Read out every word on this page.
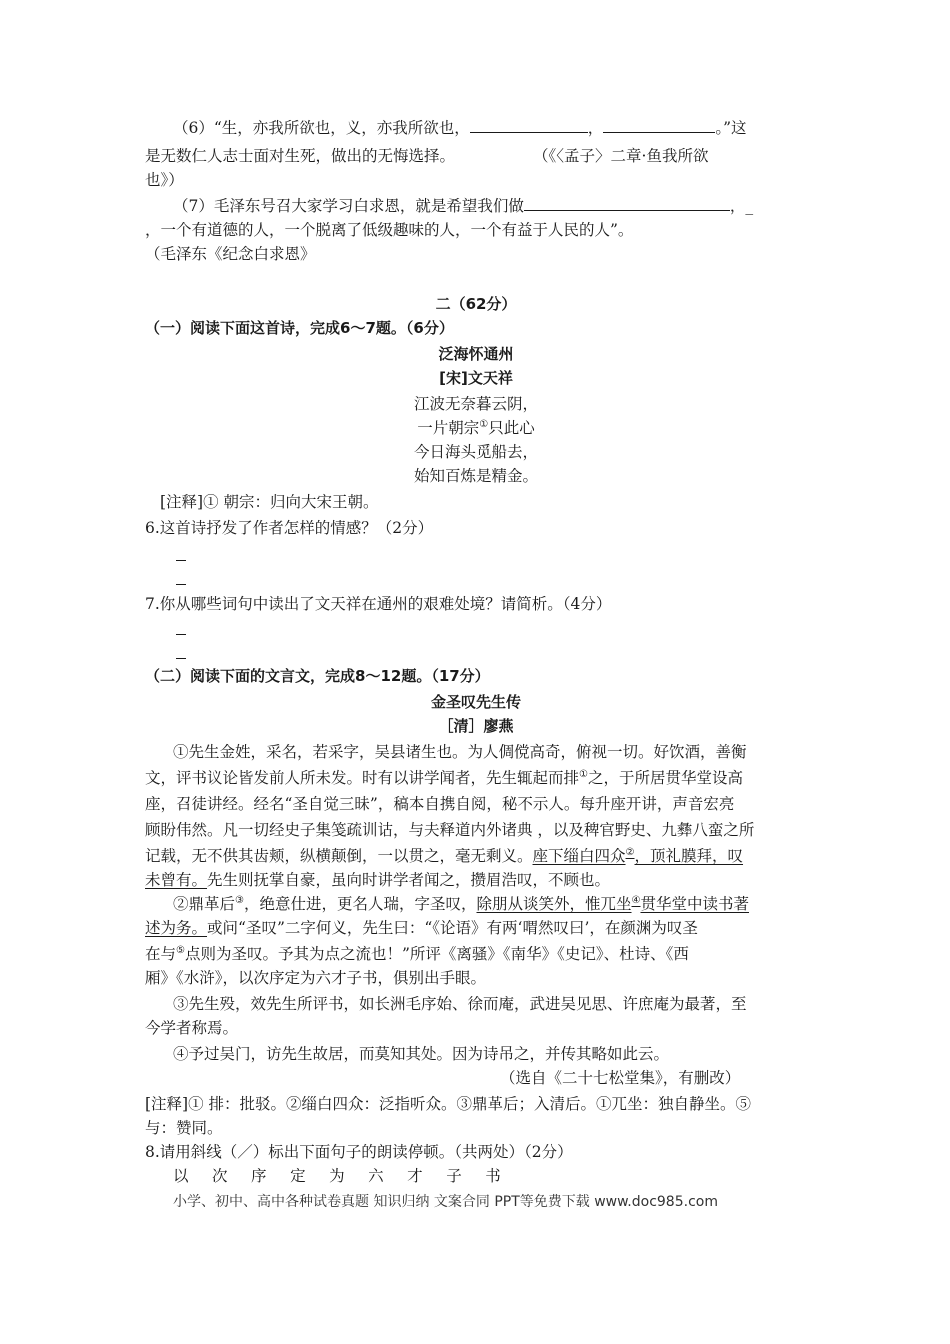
（6）“生，亦我所欲也，义，亦我所欲也，	，	。”这
是无数仁人志士面对生死，做出的无悔选择。	（《〈孟子〉二章·鱼我所欲
也》）
（7）毛泽东号召大家学习白求恩，就是希望我们做	，_
，一个有道德的人，一个脱离了低级趣味的人，一个有益于人民的人”。
（毛泽东《纪念白求恩》
二（62分）
（一）阅读下面这首诗，完成6～7题。（6分）
泛海怀通州
[宋]文天祥
江波无奈暮云阴，
一片朝宗①只此心
今日海头觅船去，
始知百炼是精金。
[注释]① 朝宗：归向大宋王朝。
6.这首诗抒发了作者怎样的情感？（2分）
7.你从哪些词句中读出了文天祥在通州的艰难处境？请简析。（4分）
（二）阅读下面的文言文，完成8～12题。（17分）
金圣叹先生传
［清］廖燕
①先生金姓，采名，若采字，吴县诸生也。为人倜傥高奇，俯视一切。好饮酒，善衡
文，评书议论皆发前人所未发。时有以讲学闻者，先生辄起而排①之，于所居贯华堂设高
座，召徒讲经。经名“圣自觉三昧”，稿本自携自阅，秘不示人。每升座开讲，声音宏亮
顾盼伟然。凡一切经史子集笺疏训诂，与夫释道内外诸典 ，以及稗官野史、九彝八蛮之所
记载，无不供其齿颊，纵横颠倒，一以贯之，毫无剩义。座下缁白四众②，顶礼膜拜，叹
未曾有。先生则抚掌自豪，虽向时讲学者闻之，攒眉浩叹，不顾也。
②鼎革后③，绝意仕进，更名人瑞，字圣叹，除朋从谈笑外，惟兀坐④贯华堂中读书著
述为务。或问“圣叹”二字何义，先生曰：“《论语》有两‘喟然叹曰’，在颜渊为叹圣
在与⑤点则为圣叹。予其为点之流也！”所评《离骚》《南华》《史记》、杜诗、《西
厢》《水浒》，以次序定为六才子书，俱别出手眼。
③先生殁，效先生所评书，如长洲毛序始、徐而庵，武进吴见思、许庶庵为最著，至
今学者称焉。
④予过吴门，访先生故居，而莫知其处。因为诗吊之，并传其略如此云。
（选自《二十七松堂集》，有删改）
[注释]① 排：批驳。②缁白四众：泛指听众。③鼎革后；入清后。①兀坐：独自静坐。⑤
与：赞同。
8.请用斜线（／）标出下面句子的朗读停顿。（共两处）（2分）
以 次 序 定 为 六 才 子 书
小学、初中、高中各种试卷真题 知识归纳 文案合同 PPT等免费下载 www.doc985.com
